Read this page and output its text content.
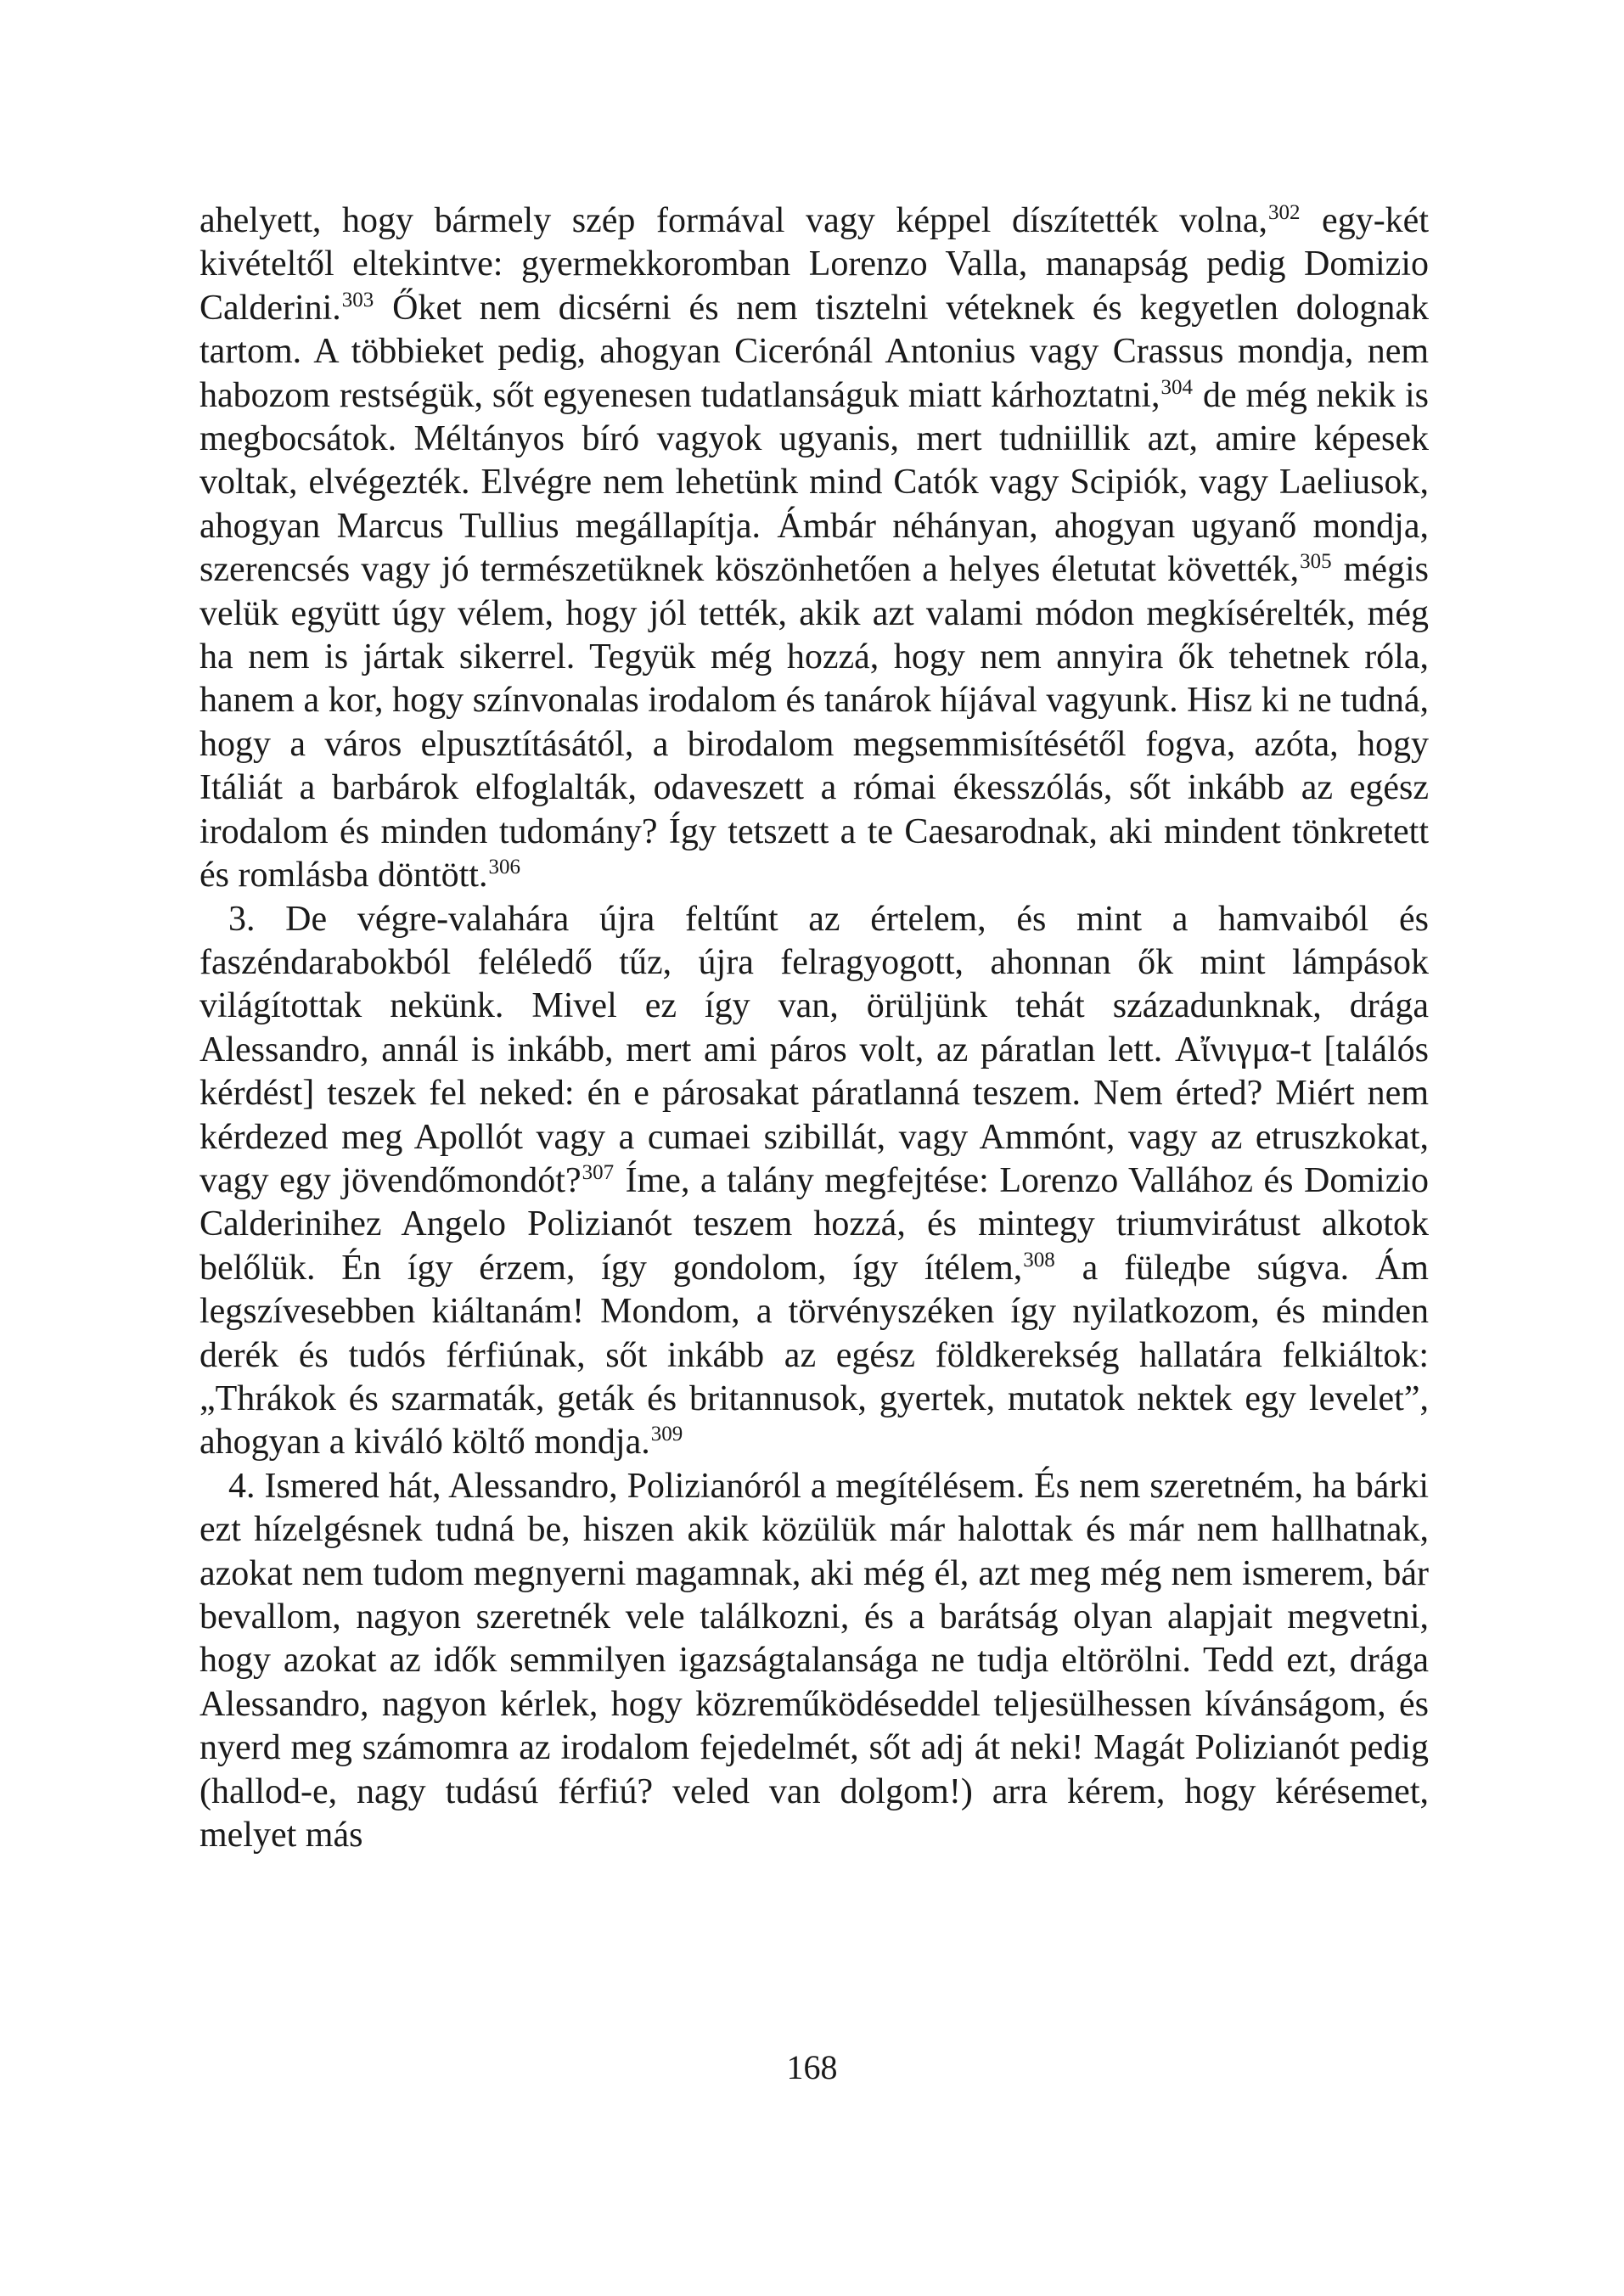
ahelyett, hogy bármely szép formával vagy képpel díszítették volna,$^{302}$ egy-két kivételtől eltekintve: gyermekkoromban Lorenzo Valla, manapság pedig Domizio Calderini.$^{303}$ Őket nem dicsérni és nem tisztelni véteknek és kegyetlen dolognak tartom. A többieket pedig, ahogyan Cicerónál Antonius vagy Crassus mondja, nem habozom restségük, sőt egyenesen tudatlanságuk miatt kárhoztatni,$^{304}$ de még nekik is megbocsátok. Méltányos bíró vagyok ugyanis, mert tudniillik azt, amire képesek voltak, elvégezték. Elvégre nem lehetünk mind Catók vagy Scipiók, vagy Laeliusok, ahogyan Marcus Tullius megállapítja. Ámbár néhányan, ahogyan ugyanő mondja, szerencsés vagy jó természetüknek köszönhetően a helyes életutat követték,$^{305}$ mégis velük együtt úgy vélem, hogy jól tették, akik azt valami módon megkísérelték, még ha nem is jártak sikerrel. Tegyük még hozzá, hogy nem annyira ők tehetnek róla, hanem a kor, hogy színvonalas irodalom és tanárok híjával vagyunk. Hisz ki ne tudná, hogy a város elpusztításától, a birodalom megsemmisítésétől fogva, azóta, hogy Itáliát a barbárok elfoglalták, odaveszett a római ékesszólás, sőt inkább az egész irodalom és minden tudomány? Így tetszett a te Caesarodnak, aki mindent tönkretett és romlásba döntött.$^{306}$

3. De végre-valahára újra feltűnt az értelem, és mint a hamvaiból és faszéndarabokból feléledő tűz, újra felragyogott, ahonnan ők mint lámpások világítottak nekünk. Mivel ez így van, örüljünk tehát századunknak, drága Alessandro, annál is inkább, mert ami páros volt, az páratlan lett. Αἴνιγμα-t [találós kérdést] teszek fel neked: én e párosakat páratlanná teszem. Nem érted? Miért nem kérdezed meg Apollót vagy a cumaei szibillát, vagy Ammónt, vagy az etruszkokat, vagy egy jövendőmondót?$^{307}$ Íme, a talány megfejtése: Lorenzo Vallához és Domizio Calderinihez Angelo Polizianót teszem hozzá, és mintegy triumvirátust alkotok belőlük. Én így érzem, így gondolom, így ítélem,$^{308}$ a fülедbe súgva. Ám legszívesebben kiáltanám! Mondom, a törvényszéken így nyilatkozom, és minden derék és tudós férfiúnak, sőt inkább az egész földkerekség hallatára felkiáltok: „Thrákok és szarmaták, geták és britannusok, gyertek, mutatok nektek egy levelet”, ahogyan a kiváló költő mondja.$^{309}$

4. Ismered hát, Alessandro, Polizianóról a megítélésem. És nem szeretném, ha bárki ezt hízelgésnek tudná be, hiszen akik közülük már halottak és már nem hallhatnak, azokat nem tudom megnyerni magamnak, aki még él, azt meg még nem ismerem, bár bevallom, nagyon szeretnék vele találkozni, és a barátság olyan alapjait megvetni, hogy azokat az idők semmilyen igazságtalansága ne tudja eltörölni. Tedd ezt, drága Alessandro, nagyon kérlek, hogy közreműködéseddel teljesülhessen kívánságom, és nyerd meg számomra az irodalom fejedelmét, sőt adj át neki! Magát Polizianót pedig (hallod-e, nagy tudású férfiú? veled van dolgom!) arra kérem, hogy kérésemet, melyet más

168
